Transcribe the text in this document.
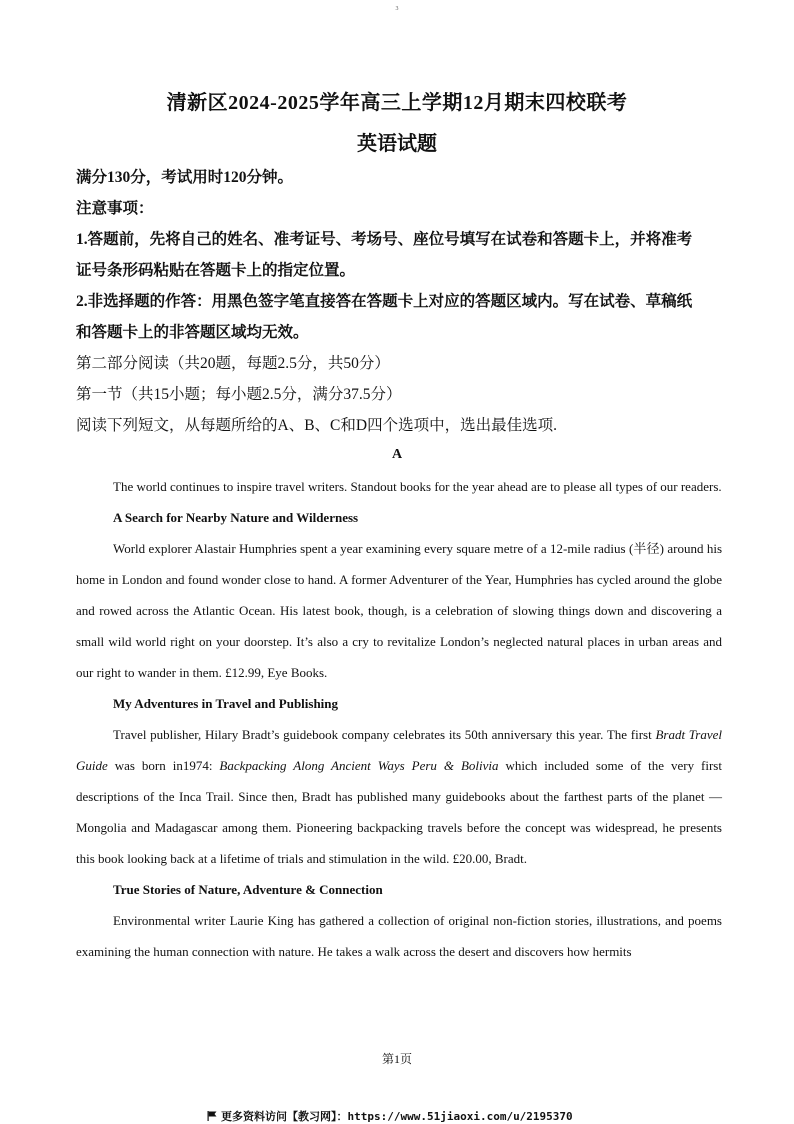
3
清新区2024-2025学年高三上学期12月期末四校联考
英语试题

满分130分，考试用时120分钟。

注意事项：

1.答题前，先将自己的姓名、准考证号、考场号、座位号填写在试卷和答题卡上，并将准考

证号条形码粘贴在答题卡上的指定位置。

2.非选择题的作答：用黑色签字笔直接答在答题卡上对应的答题区域内。写在试卷、草稿纸

和答题卡上的非答题区域均无效。

第二部分阅读（共20题，每题2.5分，共50分）

第一节（共15小题；每小题2.5分，满分37.5分）

阅读下列短文，从每题所给的A、B、C和D四个选项中，选出最佳选项.

A

The world continues to inspire travel writers. Standout books for the year ahead are to please all types of our readers.

A Search for Nearby Nature and Wilderness

World explorer Alastair Humphries spent a year examining every square metre of a 12-mile radius (半径) around his home in London and found wonder close to hand. A former Adventurer of the Year, Humphries has cycled around the globe and rowed across the Atlantic Ocean. His latest book, though, is a celebration of slowing things down and discovering a small wild world right on your doorstep. It’s also a cry to revitalize London’s neglected natural places in urban areas and our right to wander in them. £12.99, Eye Books.

My Adventures in Travel and Publishing

Travel publisher, Hilary Bradt’s guidebook company celebrates its 50th anniversary this year. The first Bradt Travel Guide was born in1974: Backpacking Along Ancient Ways Peru & Bolivia which included some of the very first descriptions of the Inca Trail. Since then, Bradt has published many guidebooks about the farthest parts of the planet — Mongolia and Madagascar among them. Pioneering backpacking travels before the concept was widespread, he presents this book looking back at a lifetime of trials and stimulation in the wild. £20.00, Bradt.

True Stories of Nature, Adventure & Connection

Environmental writer Laurie King has gathered a collection of original non-fiction stories, illustrations, and poems examining the human connection with nature. He takes a walk across the desert and discovers how hermits

第1页
更多资料访问【教习网】：https://www.51jiaoxi.com/u/2195370
